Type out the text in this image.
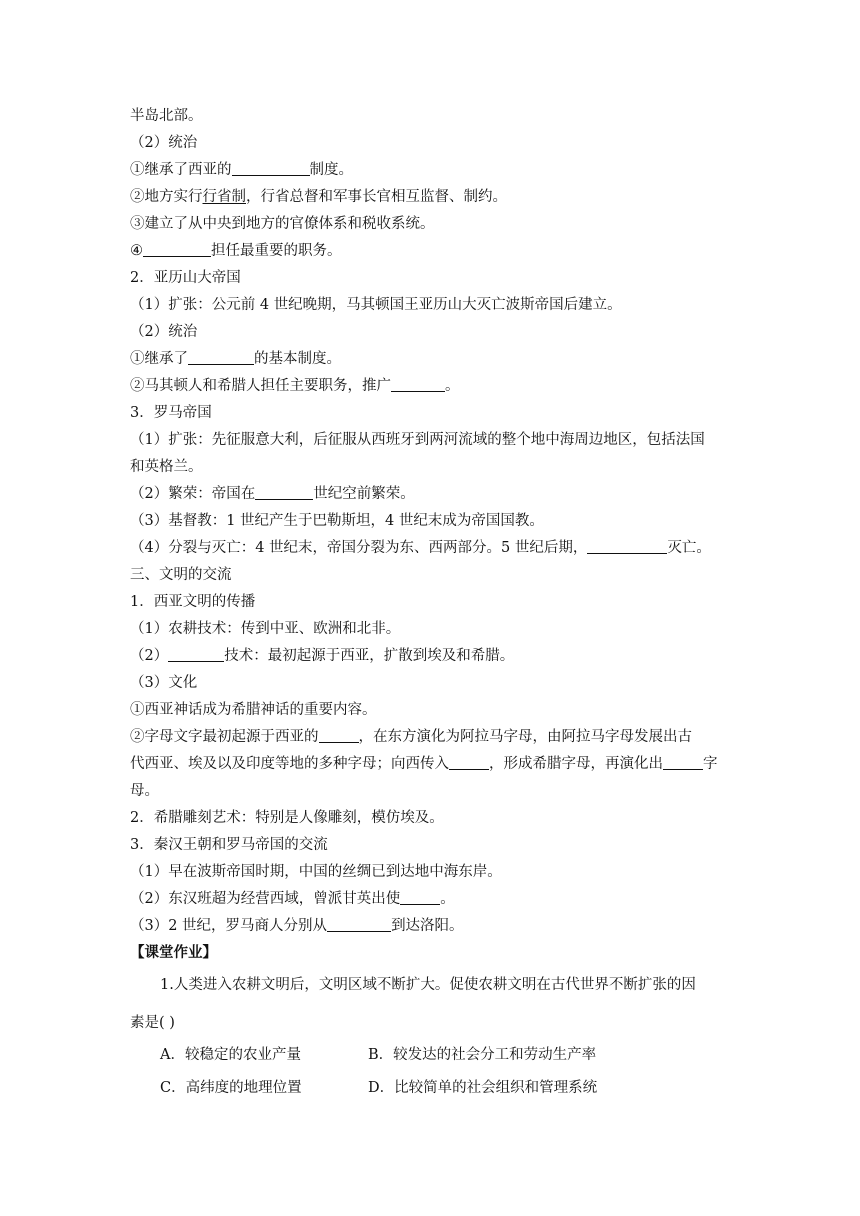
半岛北部。
（2）统治
①继承了西亚的	制度。
②地方实行行省制，行省总督和军事长官相互监督、制约。
③建立了从中央到地方的官僚体系和税收系统。
④	担任最重要的职务。
2．亚历山大帝国
（1）扩张：公元前 4 世纪晚期，马其顿国王亚历山大灭亡波斯帝国后建立。
（2）统治
①继承了	的基本制度。
②马其顿人和希腊人担任主要职务，推广	。
3．罗马帝国
（1）扩张：先征服意大利，后征服从西班牙到两河流域的整个地中海周边地区，包括法国
和英格兰。
（2）繁荣：帝国在	世纪空前繁荣。
（3）基督教：1 世纪产生于巴勒斯坦，4 世纪末成为帝国国教。
（4）分裂与灭亡：4 世纪末，帝国分裂为东、西两部分。5 世纪后期，	灭亡。
三、文明的交流
1．西亚文明的传播
（1）农耕技术：传到中亚、欧洲和北非。
（2）	技术：最初起源于西亚，扩散到埃及和希腊。
（3）文化
①西亚神话成为希腊神话的重要内容。
②字母文字最初起源于西亚的	，在东方演化为阿拉马字母，由阿拉马字母发展出古
代西亚、埃及以及印度等地的多种字母；向西传入	，形成希腊字母，再演化出	字
母。
2．希腊雕刻艺术：特别是人像雕刻，模仿埃及。
3．秦汉王朝和罗马帝国的交流
（1）早在波斯帝国时期，中国的丝绸已到达地中海东岸。
（2）东汉班超为经营西域，曾派甘英出使	。
（3）2 世纪，罗马商人分别从	到达洛阳。
【课堂作业】
1.人类进入农耕文明后，文明区域不断扩大。促使农耕文明在古代世界不断扩张的因
素是( )
A．较稳定的农业产量	B．较发达的社会分工和劳动生产率
C．高纬度的地理位置	D．比较简单的社会组织和管理系统
